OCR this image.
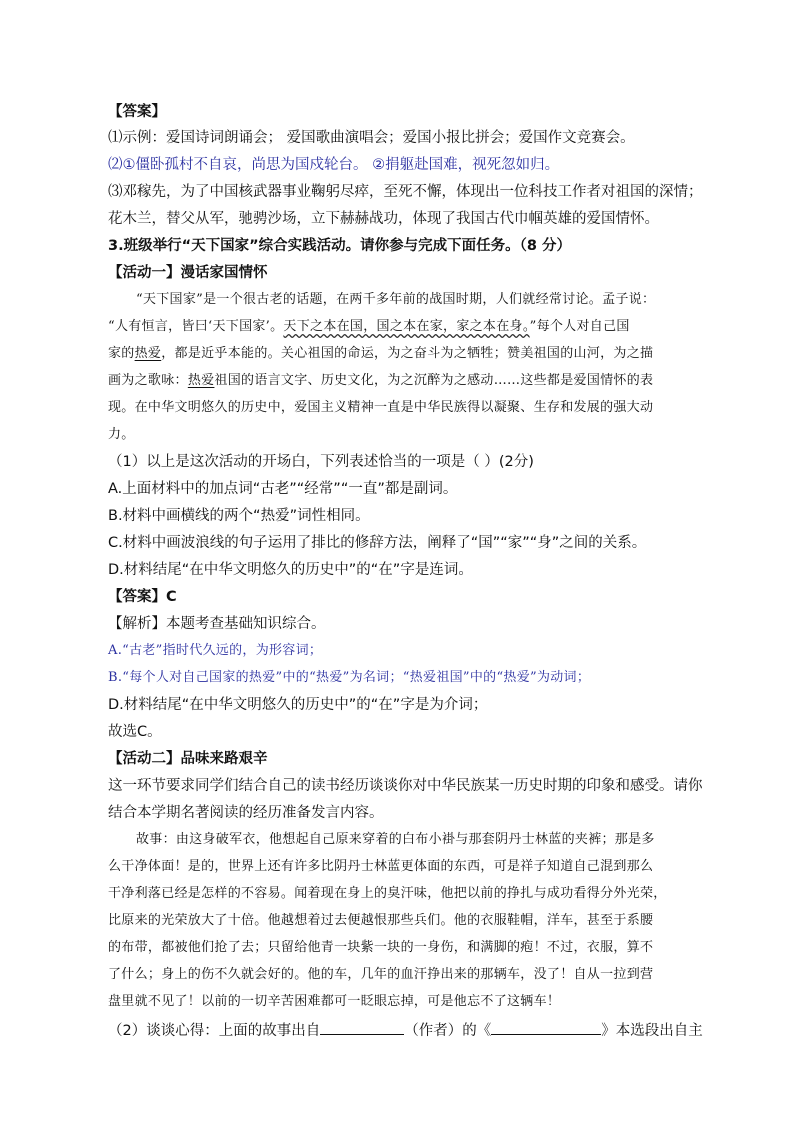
【答案】
⑴示例：爱国诗词朗诵会； 爱国歌曲演唱会；爱国小报比拼会；爱国作文竞赛会。
⑵①僵卧孤村不自哀，尚思为国戍轮台。 ②捐躯赴国难，视死忽如归。
⑶邓稼先，为了中国核武器事业鞠躬尽瘁，至死不懈，体现出一位科技工作者对祖国的深情；
花木兰，替父从军，驰骋沙场，立下赫赫战功，体现了我国古代巾帼英雄的爱国情怀。
3.班级举行“天下国家”综合实践活动。请你参与完成下面任务。（8 分）
【活动一】漫话家国情怀
“天下国家”是一个很古老的话题，在两千多年前的战国时期，人们就经常讨论。孟子说：
“人有恒言，皆曰‘天下国家’。天下之本在国，国之本在家，家之本在身。”每个人对自己国
家的热爱，都是近乎本能的。关心祖国的命运，为之奋斗为之牺牲；赞美祖国的山河，为之描
画为之歌咏：热爱祖国的语言文字、历史文化，为之沉醉为之感动……这些都是爱国情怀的表
现。在中华文明悠久的历史中，爱国主义精神一直是中华民族得以凝聚、生存和发展的强大动
力。
（1）以上是这次活动的开场白，下列表述恰当的一项是（ ）(2分)
A.上面材料中的加点词“古老”“经常”“一直”都是副词。
B.材料中画横线的两个“热爱”词性相同。
C.材料中画波浪线的句子运用了排比的修辞方法，阐释了“国”“家”“身”之间的关系。
D.材料结尾“在中华文明悠久的历史中”的“在”字是连词。
【答案】C
【解析】本题考查基础知识综合。
A.“古老”指时代久远的，为形容词；
B.“每个人对自己国家的热爱”中的“热爱”为名词；“热爱祖国”中的“热爱”为动词；
D.材料结尾“在中华文明悠久的历史中”的“在”字是为介词；
故选C。
【活动二】品味来路艰辛
这一环节要求同学们结合自己的读书经历谈谈你对中华民族某一历史时期的印象和感受。请你
结合本学期名著阅读的经历准备发言内容。
故事：由这身破军衣，他想起自己原来穿着的白布小褂与那套阴丹士林蓝的夹裤；那是多
么干净体面！是的，世界上还有许多比阴丹士林蓝更体面的东西，可是祥子知道自己混到那么
干净利落已经是怎样的不容易。闻着现在身上的臭汗味，他把以前的挣扎与成功看得分外光荣，
比原来的光荣放大了十倍。他越想着过去便越恨那些兵们。他的衣服鞋帽，洋车，甚至于系腰
的布带，都被他们抢了去；只留给他青一块紫一块的一身伤，和满脚的疱！不过，衣服，算不
了什么；身上的伤不久就会好的。他的车，几年的血汗挣出来的那辆车，没了！自从一拉到营
盘里就不见了！以前的一切辛苦困难都可一眨眼忘掉，可是他忘不了这辆车！
（2）谈谈心得：上面的故事出自	（作者）的《	》本选段出自主
